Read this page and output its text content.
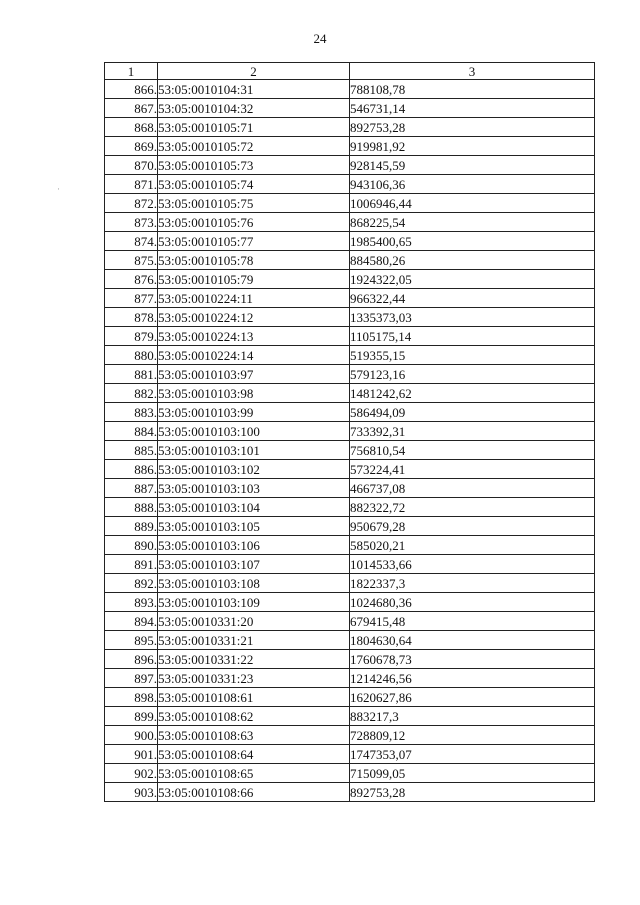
24
·
1	2	3
866.	53:05:0010104:31	788108,78
867.	53:05:0010104:32	546731,14
868.	53:05:0010105:71	892753,28
869.	53:05:0010105:72	919981,92
870.	53:05:0010105:73	928145,59
871.	53:05:0010105:74	943106,36
872.	53:05:0010105:75	1006946,44
873.	53:05:0010105:76	868225,54
874.	53:05:0010105:77	1985400,65
875.	53:05:0010105:78	884580,26
876.	53:05:0010105:79	1924322,05
877.	53:05:0010224:11	966322,44
878.	53:05:0010224:12	1335373,03
879.	53:05:0010224:13	1105175,14
880.	53:05:0010224:14	519355,15
881.	53:05:0010103:97	579123,16
882.	53:05:0010103:98	1481242,62
883.	53:05:0010103:99	586494,09
884.	53:05:0010103:100	733392,31
885.	53:05:0010103:101	756810,54
886.	53:05:0010103:102	573224,41
887.	53:05:0010103:103	466737,08
888.	53:05:0010103:104	882322,72
889.	53:05:0010103:105	950679,28
890.	53:05:0010103:106	585020,21
891.	53:05:0010103:107	1014533,66
892.	53:05:0010103:108	1822337,3
893.	53:05:0010103:109	1024680,36
894.	53:05:0010331:20	679415,48
895.	53:05:0010331:21	1804630,64
896.	53:05:0010331:22	1760678,73
897.	53:05:0010331:23	1214246,56
898.	53:05:0010108:61	1620627,86
899.	53:05:0010108:62	883217,3
900.	53:05:0010108:63	728809,12
901.	53:05:0010108:64	1747353,07
902.	53:05:0010108:65	715099,05
903.	53:05:0010108:66	892753,28
